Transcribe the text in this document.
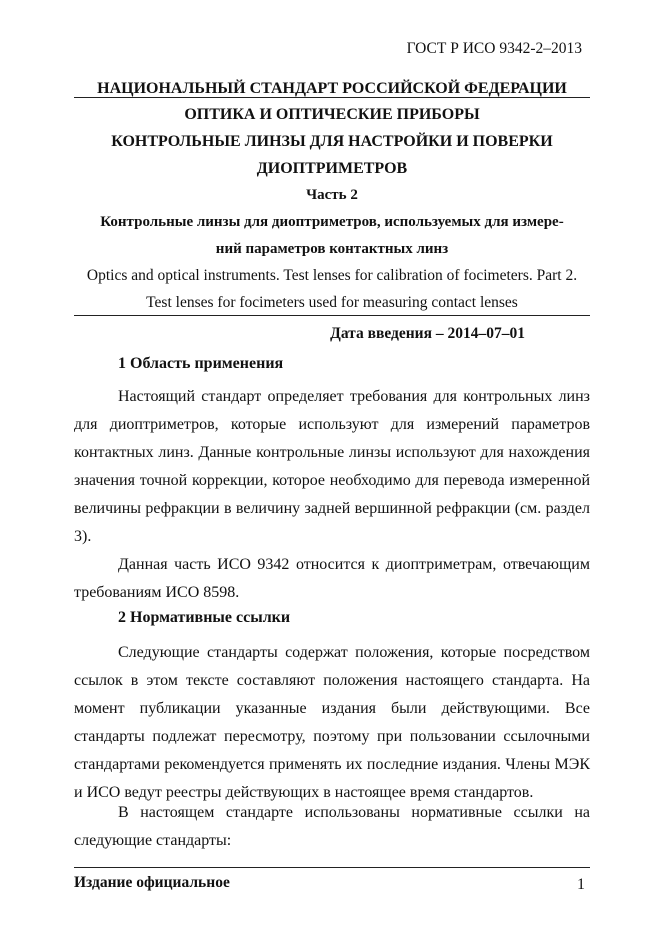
ГОСТ Р ИСО 9342-2–2013
НАЦИОНАЛЬНЫЙ СТАНДАРТ РОССИЙСКОЙ ФЕДЕРАЦИИ
ОПТИКА И ОПТИЧЕСКИЕ ПРИБОРЫ
КОНТРОЛЬНЫЕ ЛИНЗЫ ДЛЯ НАСТРОЙКИ И ПОВЕРКИ
ДИОПТРИМЕТРОВ
Часть 2
Контрольные линзы для диоптриметров, используемых для измере-
ний параметров контактных линз
Optics and optical instruments. Test lenses for calibration of focimeters. Part 2.
Test lenses for focimeters used for measuring contact lenses
Дата введения – 2014–07–01
1 Область применения

Настоящий стандарт определяет требования для контрольных линз для диоптриметров, которые используют для измерений параметров контактных линз. Данные контрольные линзы используют для нахождения значения точной коррекции, которое необходимо для перевода измеренной величины рефракции в величину задней вершинной рефракции (см. раздел 3).

Данная часть ИСО 9342 относится к диоптриметрам, отвечающим требованиям ИСО 8598.

2 Нормативные ссылки

Следующие стандарты содержат положения, которые посредством ссылок в этом тексте составляют положения настоящего стандарта. На момент публикации указанные издания были действующими. Все стандарты подлежат пересмотру, поэтому при пользовании ссылочными стандартами рекомендуется применять их последние издания. Члены МЭК и ИСО ведут реестры действующих в настоящее время стандартов.

В настоящем стандарте использованы нормативные ссылки на следующие стандарты:

Издание официальное	1
